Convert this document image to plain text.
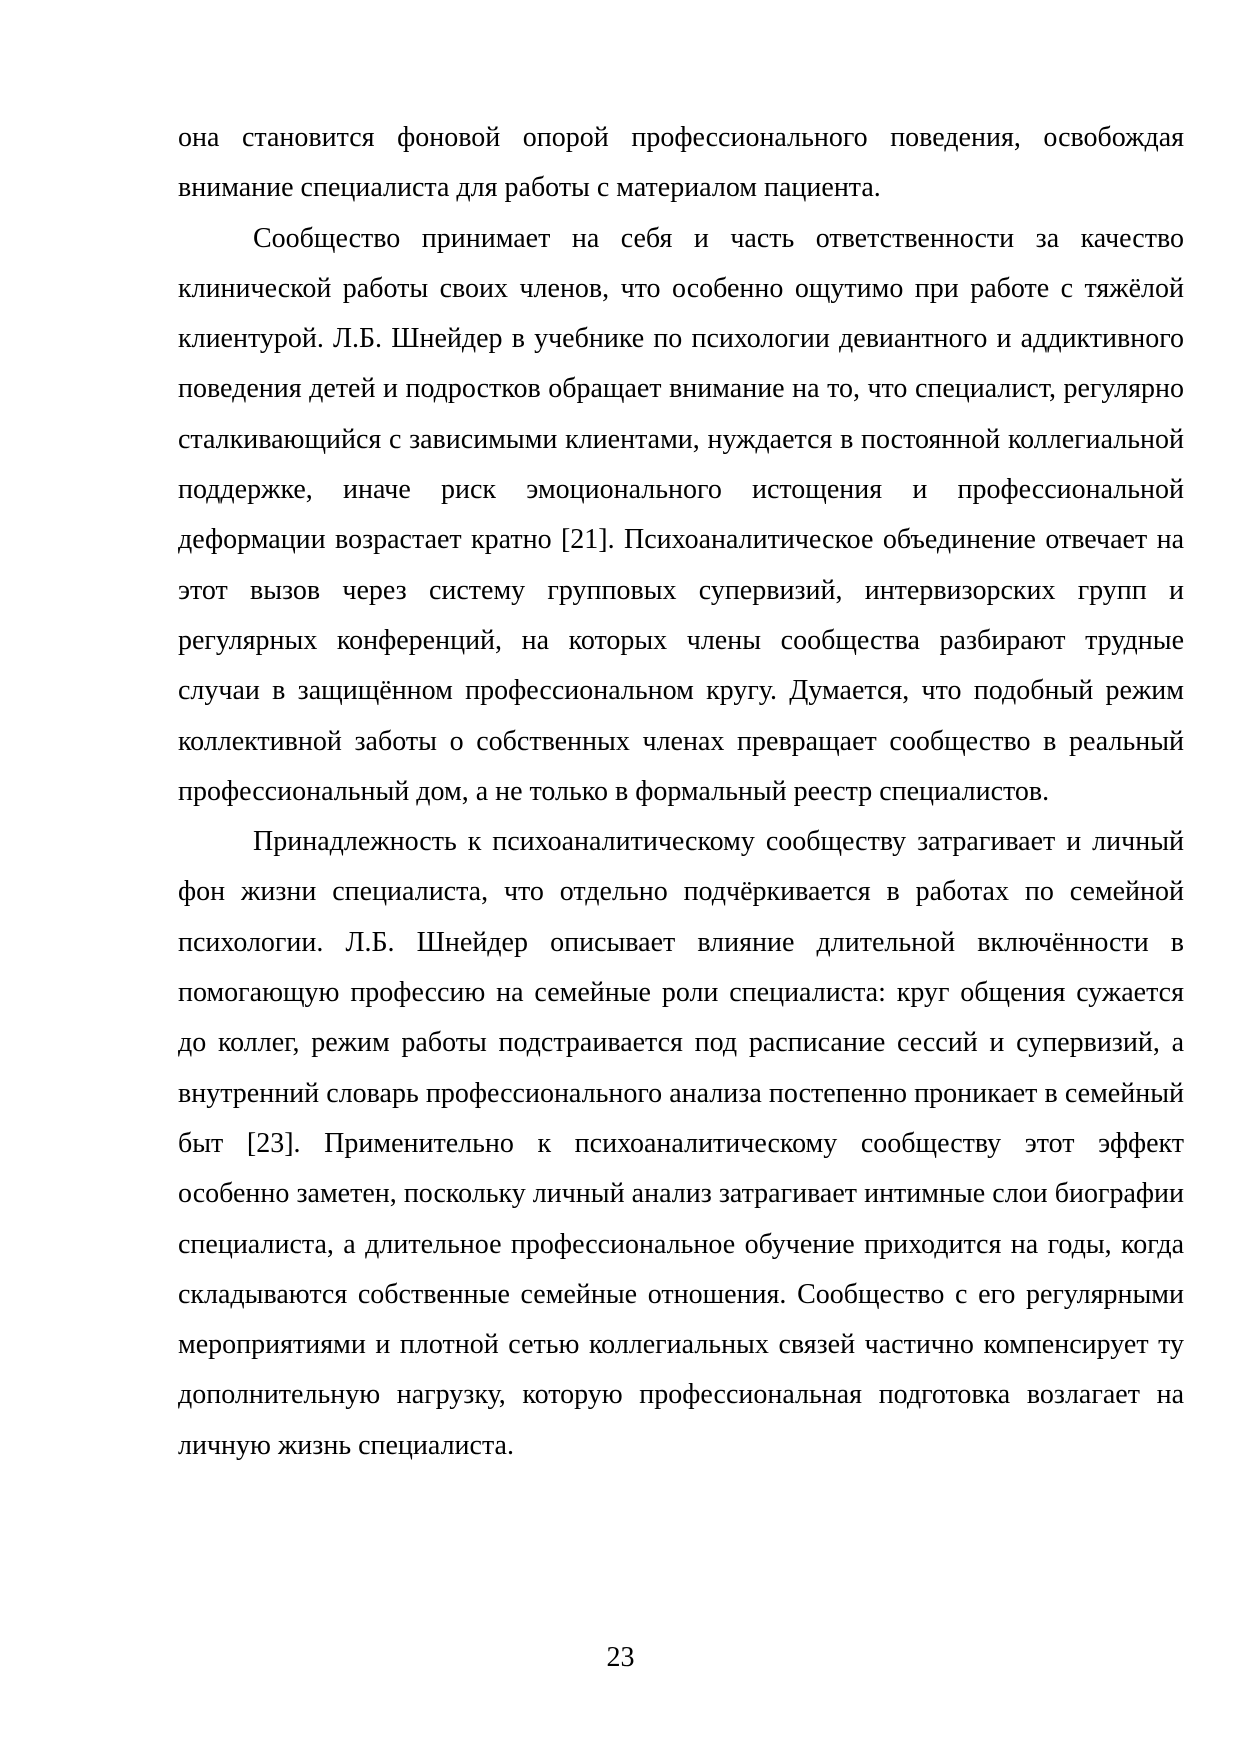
она становится фоновой опорой профессионального поведения, освобождая внимание специалиста для работы с материалом пациента.

Сообщество принимает на себя и часть ответственности за качество клинической работы своих членов, что особенно ощутимо при работе с тяжёлой клиентурой. Л.Б. Шнейдер в учебнике по психологии девиантного и аддиктивного поведения детей и подростков обращает внимание на то, что специалист, регулярно сталкивающийся с зависимыми клиентами, нуждается в постоянной коллегиальной поддержке, иначе риск эмоционального истощения и профессиональной деформации возрастает кратно [21]. Психоаналитическое объединение отвечает на этот вызов через систему групповых супервизий, интервизорских групп и регулярных конференций, на которых члены сообщества разбирают трудные случаи в защищённом профессиональном кругу. Думается, что подобный режим коллективной заботы о собственных членах превращает сообщество в реальный профессиональный дом, а не только в формальный реестр специалистов.

Принадлежность к психоаналитическому сообществу затрагивает и личный фон жизни специалиста, что отдельно подчёркивается в работах по семейной психологии. Л.Б. Шнейдер описывает влияние длительной включённости в помогающую профессию на семейные роли специалиста: круг общения сужается до коллег, режим работы подстраивается под расписание сессий и супервизий, а внутренний словарь профессионального анализа постепенно проникает в семейный быт [23]. Применительно к психоаналитическому сообществу этот эффект особенно заметен, поскольку личный анализ затрагивает интимные слои биографии специалиста, а длительное профессиональное обучение приходится на годы, когда складываются собственные семейные отношения. Сообщество с его регулярными мероприятиями и плотной сетью коллегиальных связей частично компенсирует ту дополнительную нагрузку, которую профессиональная подготовка возлагает на личную жизнь специалиста.

23
